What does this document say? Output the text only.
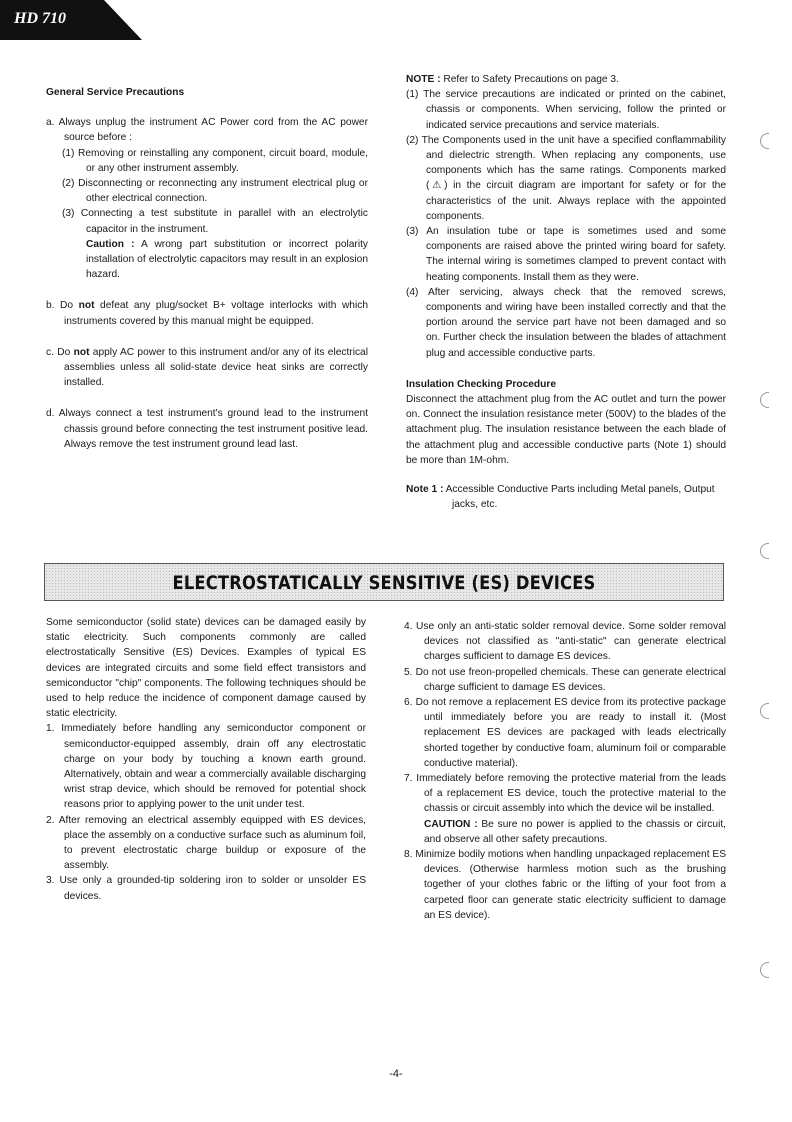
HD 710

General Service Precautions

a. Always unplug the instrument AC Power cord from the AC power source before :

(1) Removing or reinstalling any component, circuit board, module, or any other instrument assembly.

(2) Disconnecting or reconnecting any instrument electrical plug or other electrical connection.

(3) Connecting a test substitute in parallel with an electrolytic capacitor in the instrument.

Caution : A wrong part substitution or incorrect polarity installation of electrolytic capacitors may result in an explosion hazard.

b. Do not defeat any plug/socket B+ voltage interlocks with which instruments covered by this manual might be equipped.

c. Do not apply AC power to this instrument and/or any of its electrical assemblies unless all solid-state device heat sinks are correctly installed.

d. Always connect a test instrument's ground lead to the instrument chassis ground before connecting the test instrument positive lead. Always remove the test instrument ground lead last.

NOTE : Refer to Safety Precautions on page 3.

(1) The service precautions are indicated or printed on the cabinet, chassis or components. When servicing, follow the printed or indicated service precautions and service materials.

(2) The Components used in the unit have a specified conflammability and dielectric strength. When replacing any components, use components which has the same ratings. Components marked (⚠) in the circuit diagram are important for safety or for the characteristics of the unit. Always replace with the appointed components.

(3) An insulation tube or tape is sometimes used and some components are raised above the printed wiring board for safety. The internal wiring is sometimes clamped to prevent contact with heating components. Install them as they were.

(4) After servicing, always check that the removed screws, components and wiring have been installed correctly and that the portion around the service part have not been damaged and so on. Further check the insulation between the blades of attachment plug and accessible conductive parts.

Insulation Checking Procedure

Disconnect the attachment plug from the AC outlet and turn the power on. Connect the insulation resistance meter (500V) to the blades of the attachment plug. The insulation resistance between the each blade of the attachment plug and accessible conductive parts (Note 1) should be more than 1M-ohm.

Note 1 : Accessible Conductive Parts including Metal panels, Output jacks, etc.

ELECTROSTATICALLY SENSITIVE (ES) DEVICES

Some semiconductor (solid state) devices can be damaged easily by static electricity. Such components commonly are called electrostatically Sensitive (ES) Devices. Examples of typical ES devices are integrated circuits and some field effect transistors and semiconductor "chip" components. The following techniques should be used to help reduce the incidence of component damage caused by static electricity.

1. Immediately before handling any semiconductor component or semiconductor-equipped assembly, drain off any electrostatic charge on your body by touching a known earth ground. Alternatively, obtain and wear a commercially available discharging wrist strap device, which should be removed for potential shock reasons prior to applying power to the unit under test.

2. After removing an electrical assembly equipped with ES devices, place the assembly on a conductive surface such as aluminum foil, to prevent electrostatic charge buildup or exposure of the assembly.

3. Use only a grounded-tip soldering iron to solder or unsolder ES devices.

4. Use only an anti-static solder removal device. Some solder removal devices not classified as "anti-static" can generate electrical charges sufficient to damage ES devices.

5. Do not use freon-propelled chemicals. These can generate electrical charge sufficient to damage ES devices.

6. Do not remove a replacement ES device from its protective package until immediately before you are ready to install it. (Most replacement ES devices are packaged with leads electrically shorted together by conductive foam, aluminum foil or comparable conductive material).

7. Immediately before removing the protective material from the leads of a replacement ES device, touch the protective material to the chassis or circuit assembly into which the device wil be installed.

CAUTION : Be sure no power is applied to the chassis or circuit, and observe all other safety precautions.

8. Minimize bodily motions when handling unpackaged replacement ES devices. (Otherwise harmless motion such as the brushing together of your clothes fabric or the lifting of your foot from a carpeted floor can generate static electricity sufficient to damage an ES device).

-4-
